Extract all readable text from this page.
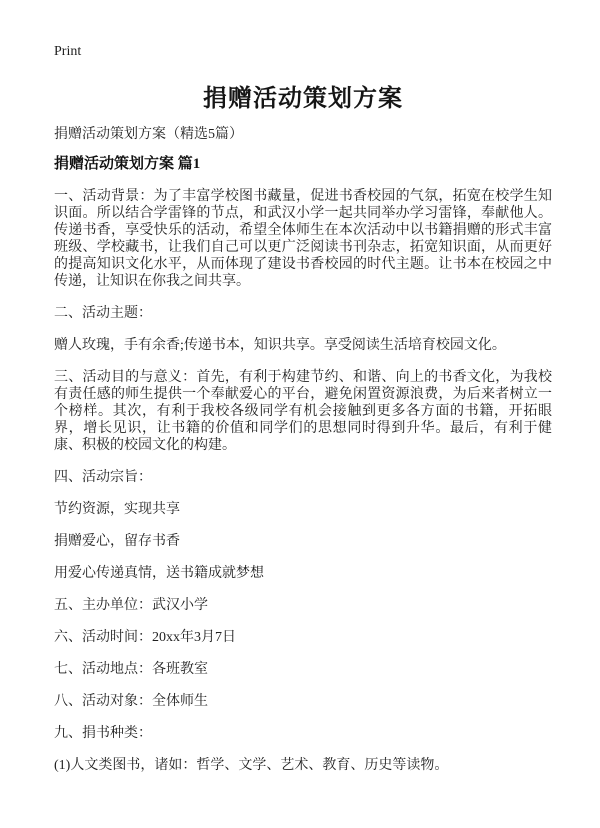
Print
捐赠活动策划方案

捐赠活动策划方案（精选5篇）

捐赠活动策划方案 篇1

一、活动背景：为了丰富学校图书藏量，促进书香校园的气氛，拓宽在校学生知识面。所以结合学雷锋的节点，和武汉小学一起共同举办学习雷锋，奉献他人。传递书香，享受快乐的活动，希望全体师生在本次活动中以书籍捐赠的形式丰富班级、学校藏书，让我们自己可以更广泛阅读书刊杂志，拓宽知识面，从而更好的提高知识文化水平，从而体现了建设书香校园的时代主题。让书本在校园之中传递，让知识在你我之间共享。

二、活动主题：

赠人玫瑰，手有余香;传递书本，知识共享。享受阅读生活培育校园文化。

三、活动目的与意义：首先，有利于构建节约、和谐、向上的书香文化，为我校有责任感的师生提供一个奉献爱心的平台，避免闲置资源浪费，为后来者树立一个榜样。其次，有利于我校各级同学有机会接触到更多各方面的书籍，开拓眼界，增长见识，让书籍的价值和同学们的思想同时得到升华。最后，有利于健康、积极的校园文化的构建。

四、活动宗旨：

节约资源，实现共享

捐赠爱心，留存书香

用爱心传递真情，送书籍成就梦想

五、主办单位：武汉小学

六、活动时间：20xx年3月7日

七、活动地点：各班教室

八、活动对象：全体师生

九、捐书种类：

(1)人文类图书，诸如：哲学、文学、艺术、教育、历史等读物。
